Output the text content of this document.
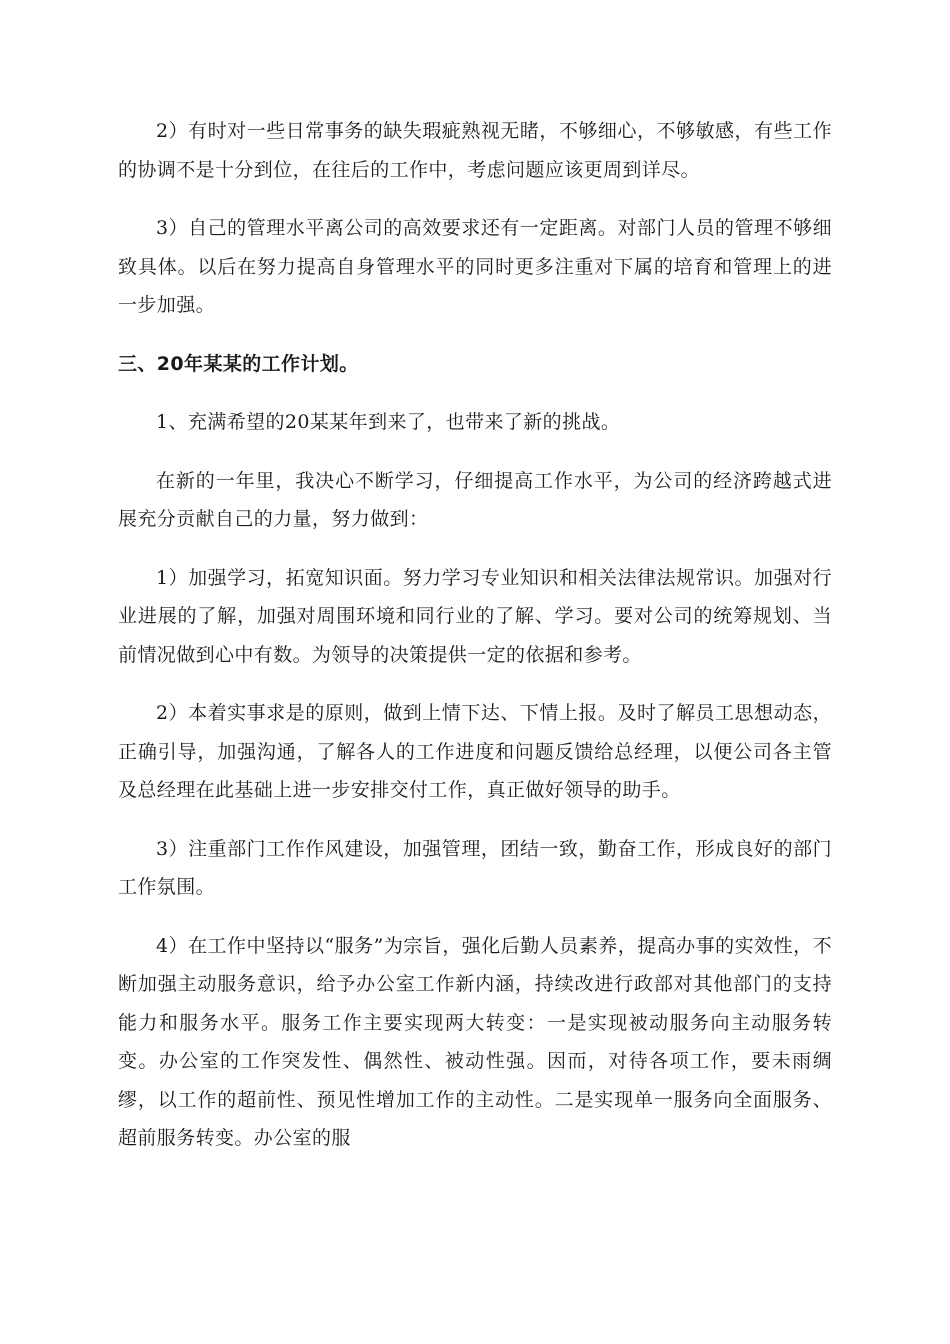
2）有时对一些日常事务的缺失瑕疵熟视无睹，不够细心，不够敏感，有些工作的协调不是十分到位，在往后的工作中，考虑问题应该更周到详尽。

3）自己的管理水平离公司的高效要求还有一定距离。对部门人员的管理不够细致具体。以后在努力提高自身管理水平的同时更多注重对下属的培育和管理上的进一步加强。

三、20年某某的工作计划。

1、充满希望的20某某年到来了，也带来了新的挑战。

在新的一年里，我决心不断学习，仔细提高工作水平，为公司的经济跨越式进展充分贡献自己的力量，努力做到：

1）加强学习，拓宽知识面。努力学习专业知识和相关法律法规常识。加强对行业进展的了解，加强对周围环境和同行业的了解、学习。要对公司的统筹规划、当前情况做到心中有数。为领导的决策提供一定的依据和参考。

2）本着实事求是的原则，做到上情下达、下情上报。及时了解员工思想动态，正确引导，加强沟通，了解各人的工作进度和问题反馈给总经理，以便公司各主管及总经理在此基础上进一步安排交付工作，真正做好领导的助手。

3）注重部门工作作风建设，加强管理，团结一致，勤奋工作，形成良好的部门工作氛围。

4）在工作中坚持以“服务”为宗旨，强化后勤人员素养，提高办事的实效性，不断加强主动服务意识，给予办公室工作新内涵，持续改进行政部对其他部门的支持能力和服务水平。服务工作主要实现两大转变：一是实现被动服务向主动服务转变。办公室的工作突发性、偶然性、被动性强。因而，对待各项工作，要未雨绸缪，以工作的超前性、预见性增加工作的主动性。二是实现单一服务向全面服务、超前服务转变。办公室的服
